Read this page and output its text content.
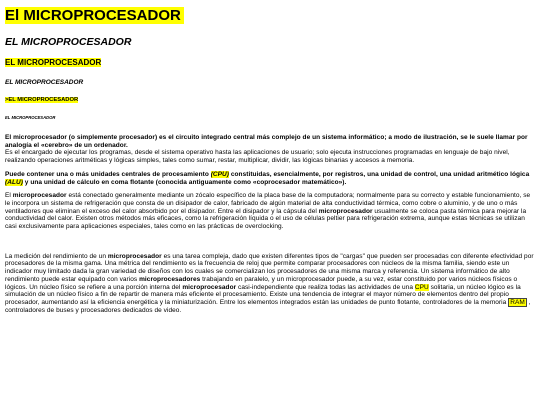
El MICROPROCESADOR
EL MICROPROCESADOR
EL MICROPROCESADOR
EL MICROPROCESADOR
>EL MICROPROCESADOR
EL MICROPROCESADOR

El microprocesador (o simplemente procesador) es el circuito integrado central más complejo de un sistema informático; a modo de ilustración, se le suele llamar por analogía el «cerebro» de un ordenador.
Es el encargado de ejecutar los programas, desde el sistema operativo hasta las aplicaciones de usuario; solo ejecuta instrucciones programadas en lenguaje de bajo nivel, realizando operaciones aritméticas y lógicas simples, tales como sumar, restar, multiplicar, dividir, las lógicas binarias y accesos a memoria.

Puede contener una o más unidades centrales de procesamiento (CPU) constituidas, esencialmente, por registros, una unidad de control, una unidad aritmético lógica (ALU) y una unidad de cálculo en coma flotante (conocida antiguamente como «coprocesador matemático»).

El microprocesador está conectado generalmente mediante un zócalo específico de la placa base de la computadora; normalmente para su correcto y estable funcionamiento, se le incorpora un sistema de refrigeración que consta de un disipador de calor, fabricado de algún material de alta conductividad térmica, como cobre o aluminio, y de uno o más ventiladores que eliminan el exceso del calor absorbido por el disipador. Entre el disipador y la cápsula del microprocesador usualmente se coloca pasta térmica para mejorar la conductividad del calor. Existen otros métodos más eficaces, como la refrigeración líquida o el uso de células peltier para refrigeración extrema, aunque estas técnicas se utilizan casi exclusivamente para aplicaciones especiales, tales como en las prácticas de overclocking.

La medición del rendimiento de un microprocesador es una tarea compleja, dado que existen diferentes tipos de "cargas" que pueden ser procesadas con diferente efectividad por procesadores de la misma gama. Una métrica del rendimiento es la frecuencia de reloj que permite comparar procesadores con núcleos de la misma familia, siendo este un indicador muy limitado dada la gran variedad de diseños con los cuales se comercializan los procesadores de una misma marca y referencia. Un sistema informático de alto rendimiento puede estar equipado con varios microprocesadores trabajando en paralelo, y un microprocesador puede, a su vez, estar constituido por varios núcleos físicos o lógicos. Un núcleo físico se refiere a una porción interna del microprocesador casi-independiente que realiza todas las actividades de una CPU solitaria, un núcleo lógico es la simulación de un núcleo físico a fin de repartir de manera más eficiente el procesamiento. Existe una tendencia de integrar el mayor número de elementos dentro del propio procesador, aumentando así la eficiencia energética y la miniaturización. Entre los elementos integrados están las unidades de punto flotante, controladores de la memoria RAM , controladores de buses y procesadores dedicados de video.
